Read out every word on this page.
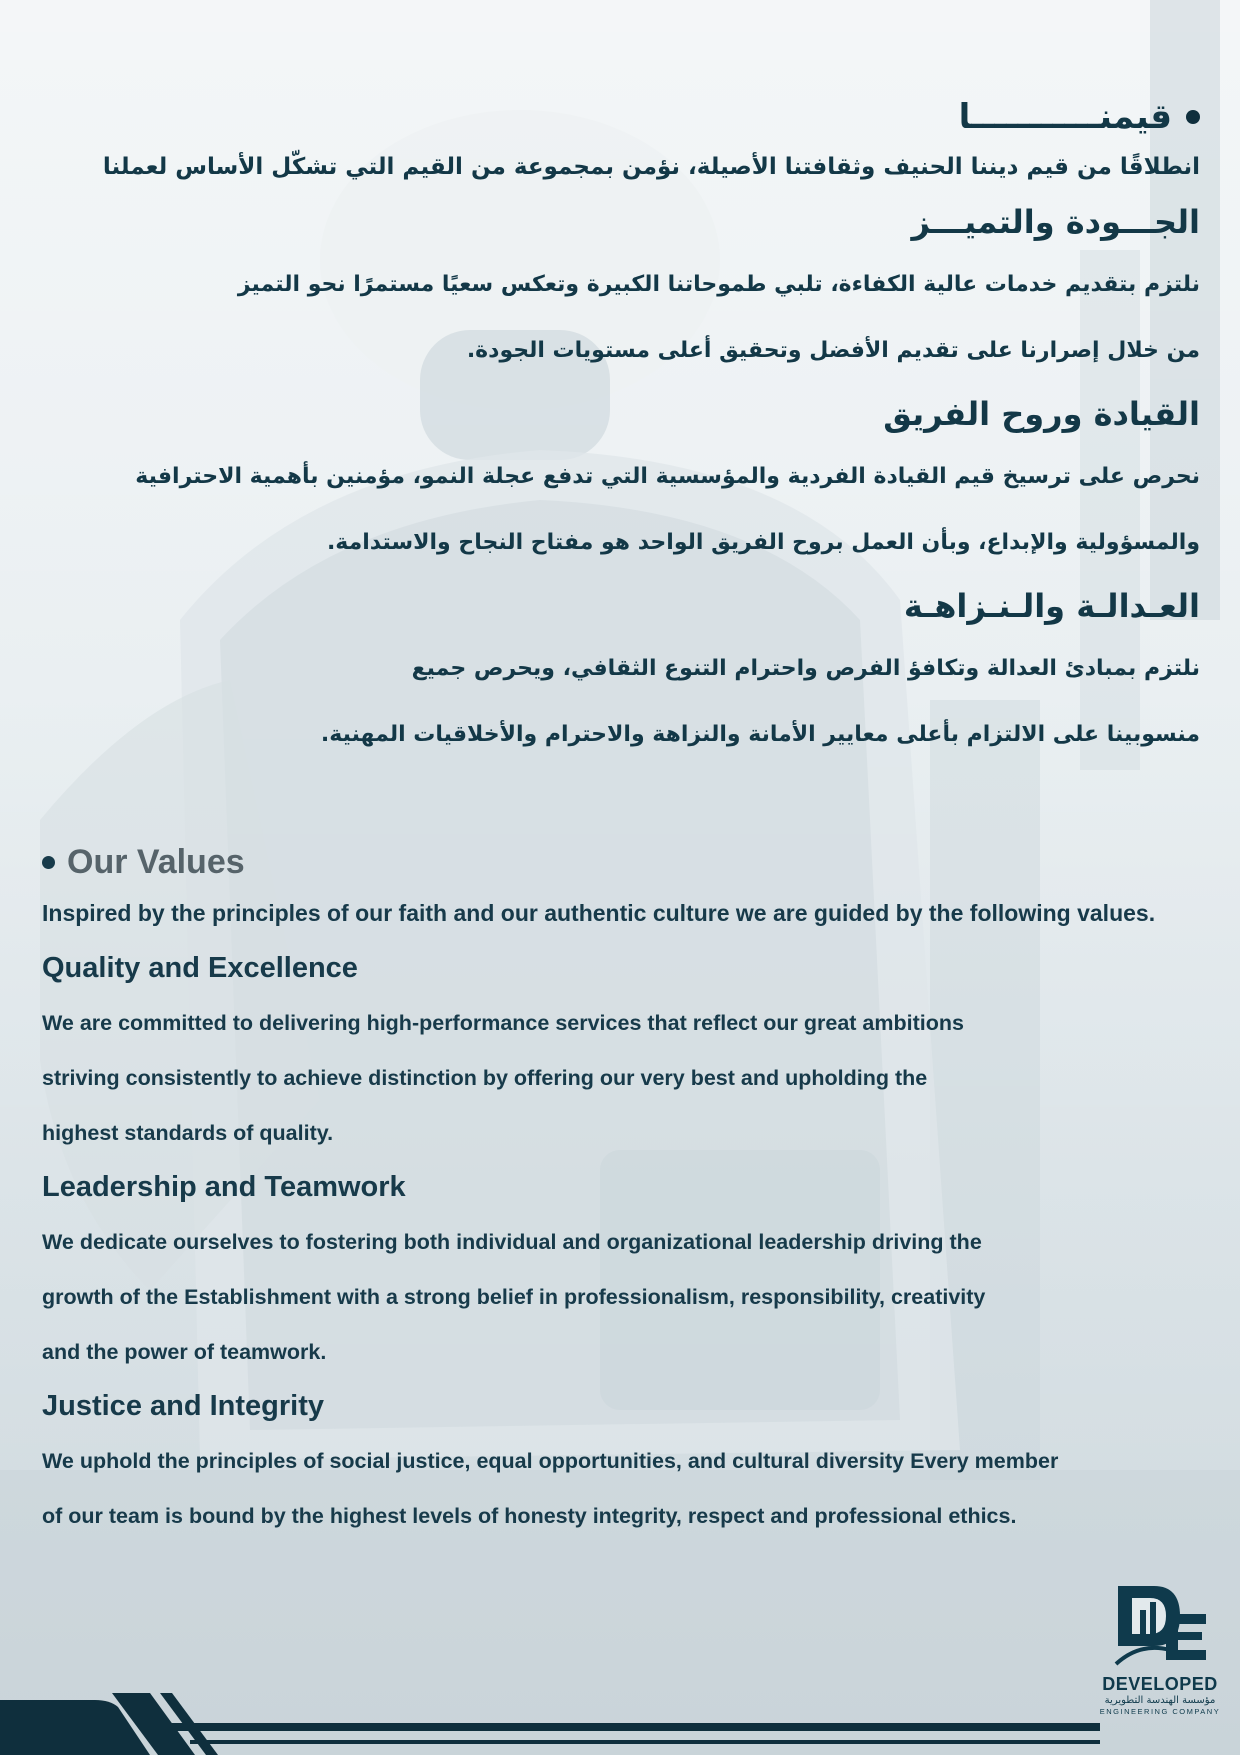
قيمنـــــــــــا
انطلاقًا من قيم ديننا الحنيف وثقافتنا الأصيلة، نؤمن بمجموعة من القيم التي تشكّل الأساس لعملنا
الجـــودة والتميـــز
نلتزم بتقديم خدمات عالية الكفاءة، تلبي طموحاتنا الكبيرة وتعكس سعيًا مستمرًا نحو التميز
من خلال إصرارنا على تقديم الأفضل وتحقيق أعلى مستويات الجودة.
القيادة وروح الفريق
نحرص على ترسيخ قيم القيادة الفردية والمؤسسية التي تدفع عجلة النمو، مؤمنين بأهمية الاحترافية
والمسؤولية والإبداع، وبأن العمل بروح الفريق الواحد هو مفتاح النجاح والاستدامة.
العـدالـة والـنـزاهـة
نلتزم بمبادئ العدالة وتكافؤ الفرص واحترام التنوع الثقافي، ويحرص جميع
منسوبينا على الالتزام بأعلى معايير الأمانة والنزاهة والاحترام والأخلاقيات المهنية.
Our Values
Inspired by the principles of our faith and our authentic culture we are guided by the following values.
Quality and Excellence
We are committed to delivering high-performance services that reflect our great ambitions
striving consistently to achieve distinction by offering our very best and upholding the
highest standards of quality.
Leadership and Teamwork
We dedicate ourselves to fostering both individual and organizational leadership driving the
growth of the Establishment with a strong belief in professionalism, responsibility, creativity
and the power of teamwork.
Justice and Integrity
We uphold the principles of social justice, equal opportunities, and cultural diversity Every member
of our team is bound by the highest levels of honesty integrity, respect and professional ethics.
DEVELOPED
مؤسسة الهندسة التطويرية
ENGINEERING COMPANY
